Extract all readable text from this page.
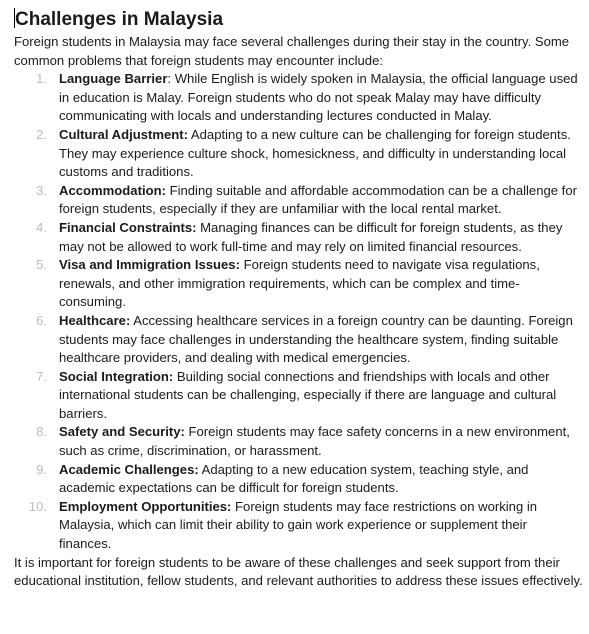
Challenges in Malaysia

Foreign students in Malaysia may face several challenges during their stay in the country. Some common problems that foreign students may encounter include:

1. Language Barrier: While English is widely spoken in Malaysia, the official language used in education is Malay. Foreign students who do not speak Malay may have difficulty communicating with locals and understanding lectures conducted in Malay.
2. Cultural Adjustment: Adapting to a new culture can be challenging for foreign students. They may experience culture shock, homesickness, and difficulty in understanding local customs and traditions.
3. Accommodation: Finding suitable and affordable accommodation can be a challenge for foreign students, especially if they are unfamiliar with the local rental market.
4. Financial Constraints: Managing finances can be difficult for foreign students, as they may not be allowed to work full-time and may rely on limited financial resources.
5. Visa and Immigration Issues: Foreign students need to navigate visa regulations, renewals, and other immigration requirements, which can be complex and time-consuming.
6. Healthcare: Accessing healthcare services in a foreign country can be daunting. Foreign students may face challenges in understanding the healthcare system, finding suitable healthcare providers, and dealing with medical emergencies.
7. Social Integration: Building social connections and friendships with locals and other international students can be challenging, especially if there are language and cultural barriers.
8. Safety and Security: Foreign students may face safety concerns in a new environment, such as crime, discrimination, or harassment.
9. Academic Challenges: Adapting to a new education system, teaching style, and academic expectations can be difficult for foreign students.
10. Employment Opportunities: Foreign students may face restrictions on working in Malaysia, which can limit their ability to gain work experience or supplement their finances.

It is important for foreign students to be aware of these challenges and seek support from their educational institution, fellow students, and relevant authorities to address these issues effectively.
